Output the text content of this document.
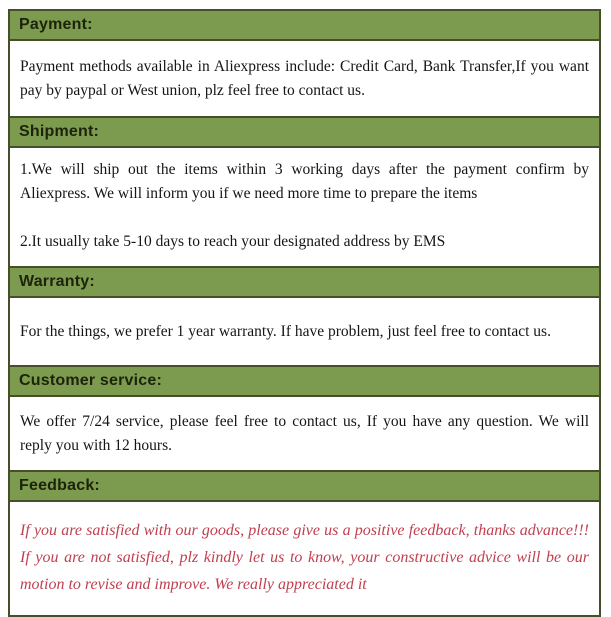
Payment:

Payment methods available in Aliexpress include: Credit Card, Bank Transfer,If you want pay by paypal or West union, plz feel free to contact us.

Shipment:

1.We will ship out the items within 3 working days after the payment confirm by Aliexpress. We will inform you if we need more time to prepare the items

2.It usually take 5-10 days to reach your designated address by EMS

Warranty:

For the things, we prefer 1 year warranty. If have problem, just feel free to contact us.

Customer service:

We offer 7/24 service, please feel free to contact us, If you have any question. We will reply you with 12 hours.

Feedback:

If you are satisfied with our goods, please give us a positive feedback, thanks advance!!! If you are not satisfied, plz kindly let us to know, your constructive advice will be our motion to revise and improve. We really appreciated it
